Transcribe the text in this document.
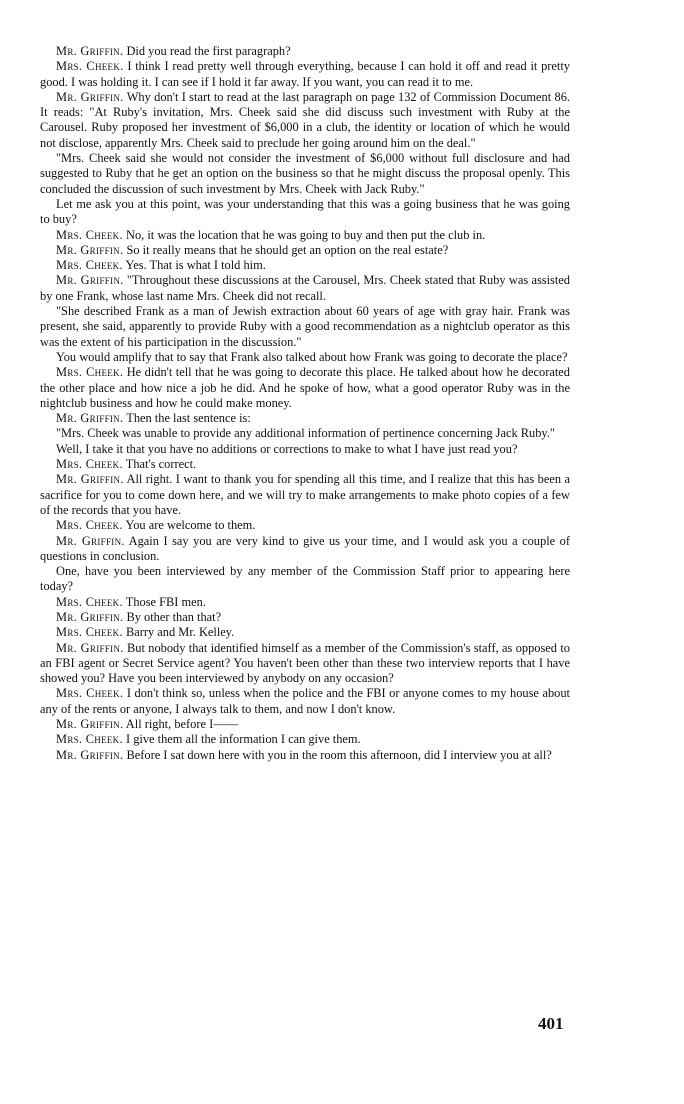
Mr. Griffin. Did you read the first paragraph?

Mrs. Cheek. I think I read pretty well through everything, because I can hold it off and read it pretty good. I was holding it. I can see if I hold it far away. If you want, you can read it to me.

Mr. Griffin. Why don't I start to read at the last paragraph on page 132 of Commission Document 86. It reads: "At Ruby's invitation, Mrs. Cheek said she did discuss such investment with Ruby at the Carousel. Ruby proposed her investment of $6,000 in a club, the identity or location of which he would not disclose, apparently Mrs. Cheek said to preclude her going around him on the deal."

"Mrs. Cheek said she would not consider the investment of $6,000 without full disclosure and had suggested to Ruby that he get an option on the business so that he might discuss the proposal openly. This concluded the discussion of such investment by Mrs. Cheek with Jack Ruby."

Let me ask you at this point, was your understanding that this was a going business that he was going to buy?

Mrs. Cheek. No, it was the location that he was going to buy and then put the club in.

Mr. Griffin. So it really means that he should get an option on the real estate?

Mrs. Cheek. Yes. That is what I told him.

Mr. Griffin. "Throughout these discussions at the Carousel, Mrs. Cheek stated that Ruby was assisted by one Frank, whose last name Mrs. Cheek did not recall.

"She described Frank as a man of Jewish extraction about 60 years of age with gray hair. Frank was present, she said, apparently to provide Ruby with a good recommendation as a nightclub operator as this was the extent of his participation in the discussion."

You would amplify that to say that Frank also talked about how Frank was going to decorate the place?

Mrs. Cheek. He didn't tell that he was going to decorate this place. He talked about how he decorated the other place and how nice a job he did. And he spoke of how, what a good operator Ruby was in the nightclub business and how he could make money.

Mr. Griffin. Then the last sentence is:

"Mrs. Cheek was unable to provide any additional information of pertinence concerning Jack Ruby."

Well, I take it that you have no additions or corrections to make to what I have just read you?

Mrs. Cheek. That's correct.

Mr. Griffin. All right. I want to thank you for spending all this time, and I realize that this has been a sacrifice for you to come down here, and we will try to make arrangements to make photo copies of a few of the records that you have.

Mrs. Cheek. You are welcome to them.

Mr. Griffin. Again I say you are very kind to give us your time, and I would ask you a couple of questions in conclusion.

One, have you been interviewed by any member of the Commission Staff prior to appearing here today?

Mrs. Cheek. Those FBI men.

Mr. Griffin. By other than that?

Mrs. Cheek. Barry and Mr. Kelley.

Mr. Griffin. But nobody that identified himself as a member of the Commission's staff, as opposed to an FBI agent or Secret Service agent? You haven't been other than these two interview reports that I have showed you? Have you been interviewed by anybody on any occasion?

Mrs. Cheek. I don't think so, unless when the police and the FBI or anyone comes to my house about any of the rents or anyone, I always talk to them, and now I don't know.

Mr. Griffin. All right, before I——

Mrs. Cheek. I give them all the information I can give them.

Mr. Griffin. Before I sat down here with you in the room this afternoon, did I interview you at all?

401
